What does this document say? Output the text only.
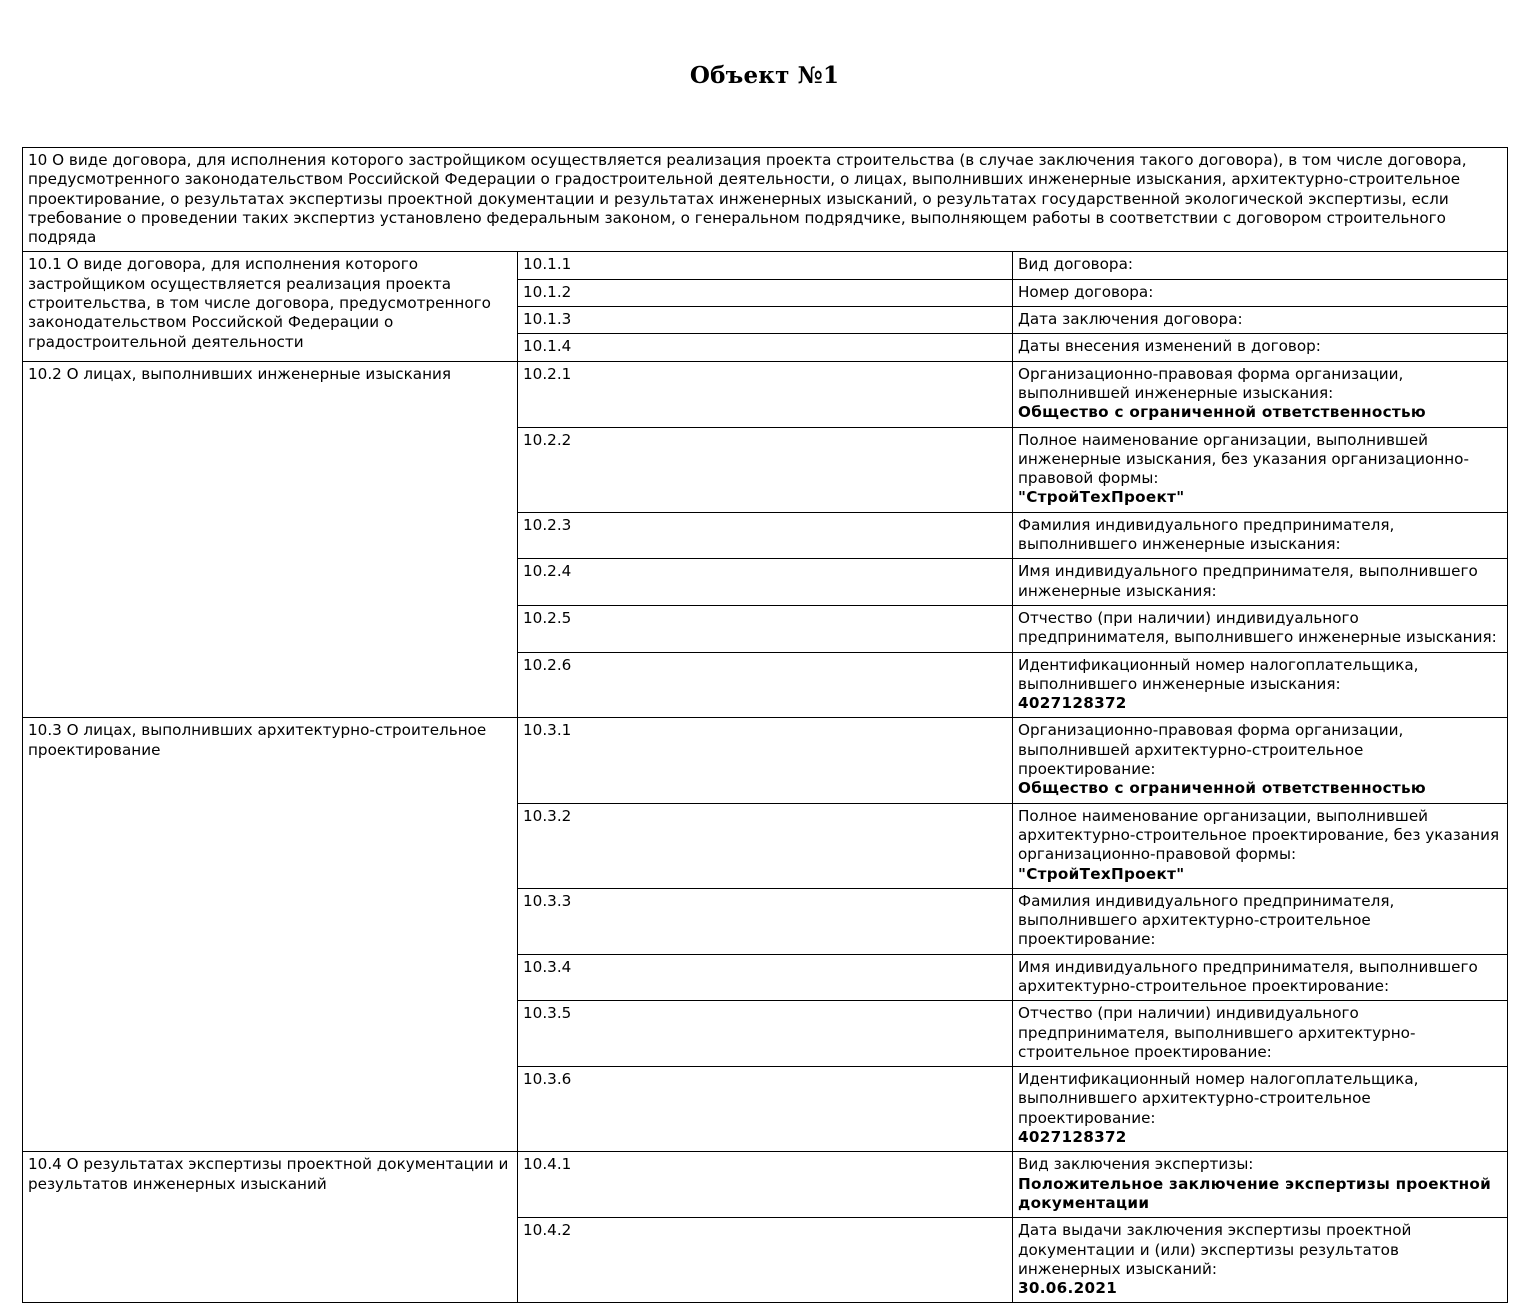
Объект №1
10 О виде договора, для исполнения которого застройщиком осуществляется реализация проекта строительства (в случае заключения такого договора), в том числе договора, предусмотренного законодательством Российской Федерации о градостроительной деятельности, о лицах, выполнивших инженерные изыскания, архитектурно-строительное проектирование, о результатах экспертизы проектной документации и результатах инженерных изысканий, о результатах государственной экологической экспертизы, если требование о проведении таких экспертиз установлено федеральным законом, о генеральном подрядчике, выполняющем работы в соответствии с договором строительного подряда		
10.1 О виде договора, для исполнения которого застройщиком осуществляется реализация проекта строительства, в том числе договора, предусмотренного законодательством Российской Федерации о градостроительной деятельности	10.1.1	Вид договора:

	10.1.2	Номер договора:

	10.1.3	Дата заключения договора:

	10.1.4	Даты внесения изменений в договор:

10.2 О лицах, выполнивших инженерные изыскания	10.2.1	Организационно-правовая форма организации, выполнившей инженерные изыскания:
Общество с ограниченной ответственностью

	10.2.2	Полное наименование организации, выполнившей инженерные изыскания, без указания организационно-правовой формы:
"СтройТехПроект"

	10.2.3	Фамилия индивидуального предпринимателя, выполнившего инженерные изыскания:

	10.2.4	Имя индивидуального предпринимателя, выполнившего инженерные изыскания:

	10.2.5	Отчество (при наличии) индивидуального предпринимателя, выполнившего инженерные изыскания:

	10.2.6	Идентификационный номер налогоплательщика, выполнившего инженерные изыскания:
4027128372

10.3 О лицах, выполнивших архитектурно-строительное проектирование	10.3.1	Организационно-правовая форма организации, выполнившей архитектурно-строительное проектирование:
Общество с ограниченной ответственностью

	10.3.2	Полное наименование организации, выполнившей архитектурно-строительное проектирование, без указания организационно-правовой формы:
"СтройТехПроект"

	10.3.3	Фамилия индивидуального предпринимателя, выполнившего архитектурно-строительное проектирование:

	10.3.4	Имя индивидуального предпринимателя, выполнившего архитектурно-строительное проектирование:

	10.3.5	Отчество (при наличии) индивидуального предпринимателя, выполнившего архитектурно-строительное проектирование:

	10.3.6	Идентификационный номер налогоплательщика, выполнившего архитектурно-строительное проектирование:
4027128372

10.4 О результатах экспертизы проектной документации и результатов инженерных изысканий	10.4.1	Вид заключения экспертизы:
Положительное заключение экспертизы проектной документации

	10.4.2	Дата выдачи заключения экспертизы проектной документации и (или) экспертизы результатов инженерных изысканий:
30.06.2021
